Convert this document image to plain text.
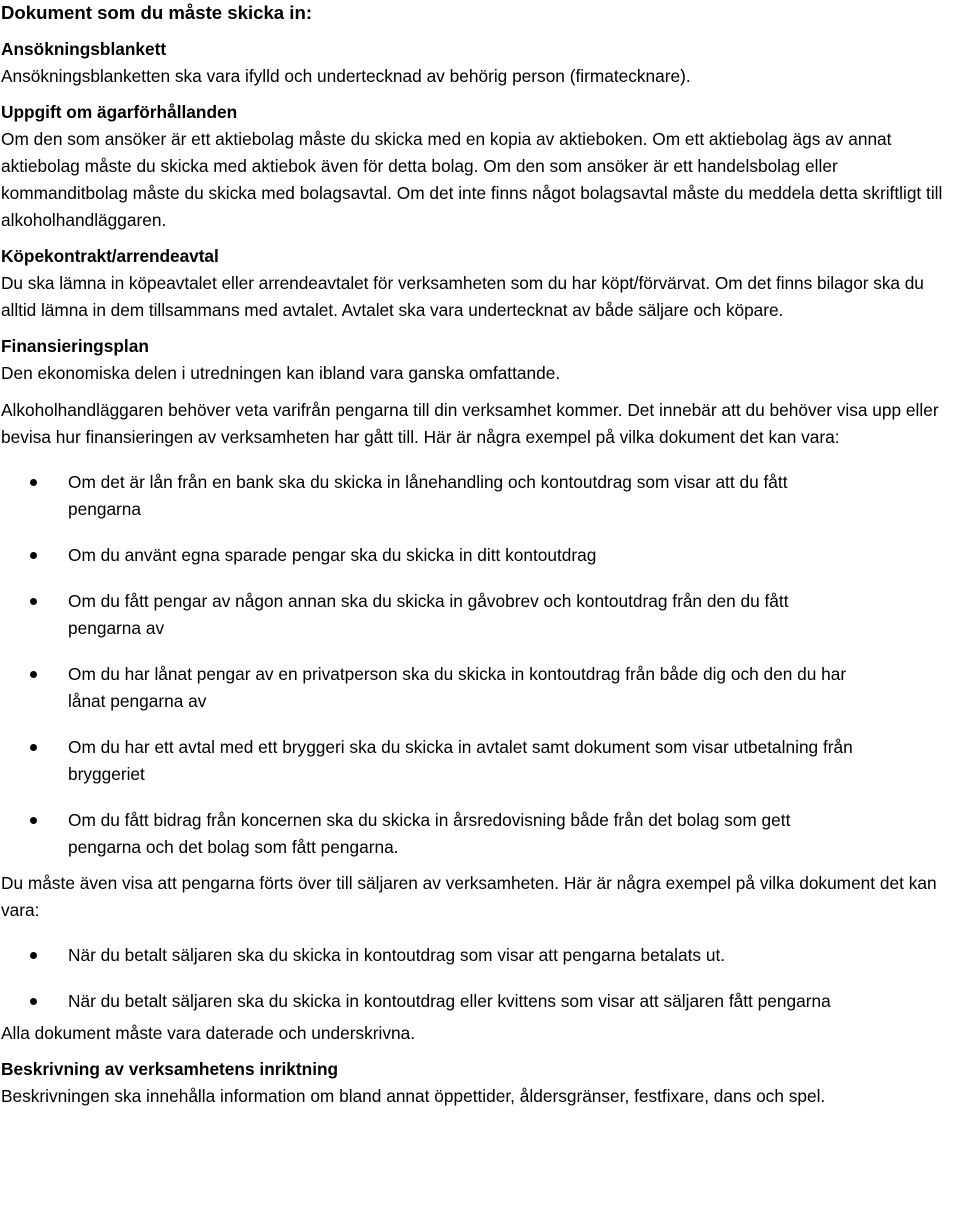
Dokument som du måste skicka in:

Ansökningsblankett

Ansökningsblanketten ska vara ifylld och undertecknad av behörig person (firmatecknare).

Uppgift om ägarförhållanden

Om den som ansöker är ett aktiebolag måste du skicka med en kopia av aktieboken. Om ett aktiebolag ägs av annat aktiebolag måste du skicka med aktiebok även för detta bolag. Om den som ansöker är ett handelsbolag eller kommanditbolag måste du skicka med bolagsavtal. Om det inte finns något bolagsavtal måste du meddela detta skriftligt till alkoholhandläggaren.

Köpekontrakt/arrendeavtal

Du ska lämna in köpeavtalet eller arrendeavtalet för verksamheten som du har köpt/förvärvat. Om det finns bilagor ska du alltid lämna in dem tillsammans med avtalet. Avtalet ska vara undertecknat av både säljare och köpare.

Finansieringsplan

Den ekonomiska delen i utredningen kan ibland vara ganska omfattande.

Alkoholhandläggaren behöver veta varifrån pengarna till din verksamhet kommer. Det innebär att du behöver visa upp eller bevisa hur finansieringen av verksamheten har gått till. Här är några exempel på vilka dokument det kan vara:

Om det är lån från en bank ska du skicka in lånehandling och kontoutdrag som visar att du fått pengarna
Om du använt egna sparade pengar ska du skicka in ditt kontoutdrag
Om du fått pengar av någon annan ska du skicka in gåvobrev och kontoutdrag från den du fått pengarna av
Om du har lånat pengar av en privatperson ska du skicka in kontoutdrag från både dig och den du har lånat pengarna av
Om du har ett avtal med ett bryggeri ska du skicka in avtalet samt dokument som visar utbetalning från bryggeriet
Om du fått bidrag från koncernen ska du skicka in årsredovisning både från det bolag som gett pengarna och det bolag som fått pengarna.

Du måste även visa att pengarna förts över till säljaren av verksamheten. Här är några exempel på vilka dokument det kan vara:

När du betalt säljaren ska du skicka in kontoutdrag som visar att pengarna betalats ut.
När du betalt säljaren ska du skicka in kontoutdrag eller kvittens som visar att säljaren fått pengarna

Alla dokument måste vara daterade och underskrivna.

Beskrivning av verksamhetens inriktning

Beskrivningen ska innehålla information om bland annat öppettider, åldersgränser, festfixare, dans och spel.
